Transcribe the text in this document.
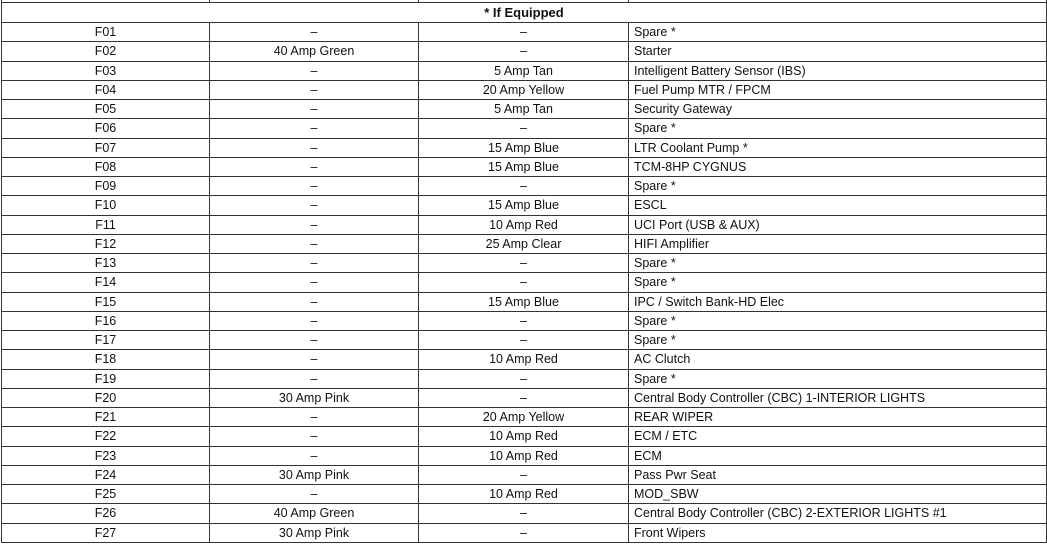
* If Equipped			
F01	–	–	Spare *
F02	40 Amp Green	–	Starter
F03	–	5 Amp Tan	Intelligent Battery Sensor (IBS)
F04	–	20 Amp Yellow	Fuel Pump MTR / FPCM
F05	–	5 Amp Tan	Security Gateway
F06	–	–	Spare *
F07	–	15 Amp Blue	LTR Coolant Pump *
F08	–	15 Amp Blue	TCM-8HP CYGNUS
F09	–	–	Spare *
F10	–	15 Amp Blue	ESCL
F11	–	10 Amp Red	UCI Port (USB & AUX)
F12	–	25 Amp Clear	HIFI Amplifier
F13	–	–	Spare *
F14	–	–	Spare *
F15	–	15 Amp Blue	IPC / Switch Bank-HD Elec
F16	–	–	Spare *
F17	–	–	Spare *
F18	–	10 Amp Red	AC Clutch
F19	–	–	Spare *
F20	30 Amp Pink	–	Central Body Controller (CBC) 1-INTERIOR LIGHTS
F21	–	20 Amp Yellow	REAR WIPER
F22	–	10 Amp Red	ECM / ETC
F23	–	10 Amp Red	ECM
F24	30 Amp Pink	–	Pass Pwr Seat
F25	–	10 Amp Red	MOD_SBW
F26	40 Amp Green	–	Central Body Controller (CBC) 2-EXTERIOR LIGHTS #1
F27	30 Amp Pink	–	Front Wipers
